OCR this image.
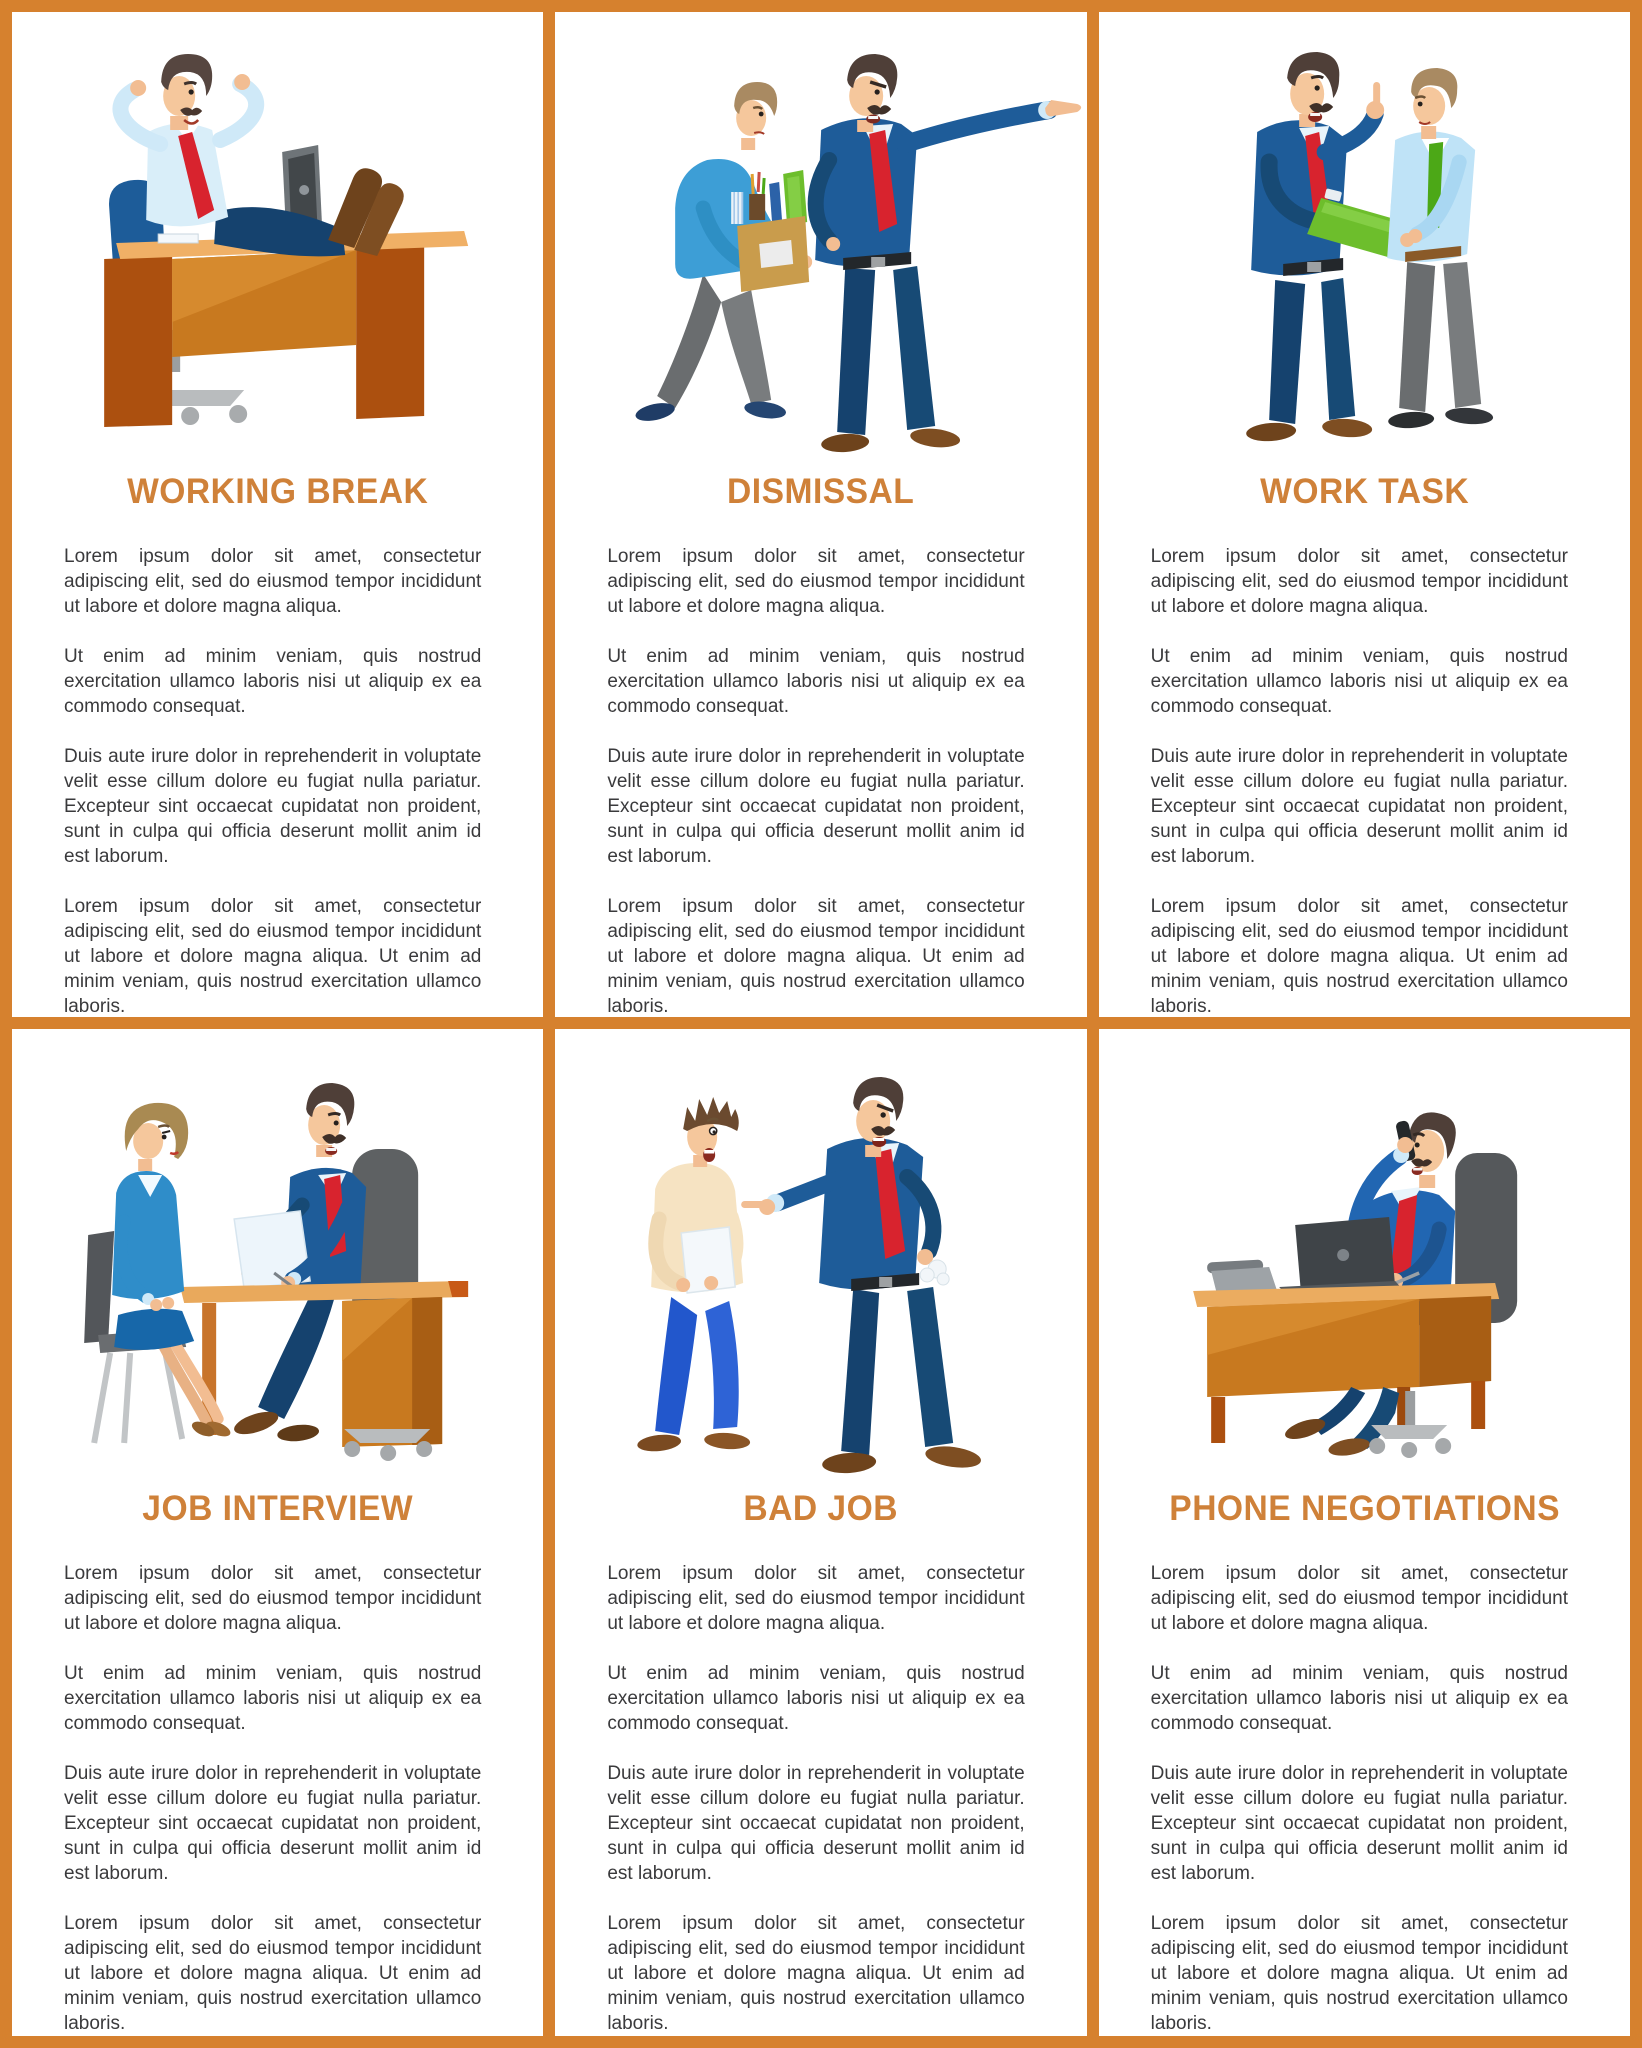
WORKING BREAK

Lorem ipsum dolor sit amet, consectetur adipiscing elit, sed do eiusmod tempor incididunt ut labore et dolore magna aliqua.

Ut enim ad minim veniam, quis nostrud exercitation ullamco laboris nisi ut aliquip ex ea commodo consequat.

Duis aute irure dolor in reprehenderit in voluptate velit esse cillum dolore eu fugiat nulla pariatur. Excepteur sint occaecat cupidatat non proident, sunt in culpa qui officia deserunt mollit anim id est laborum.

Lorem ipsum dolor sit amet, consectetur adipiscing elit, sed do eiusmod tempor incididunt ut labore et dolore magna aliqua. Ut enim ad minim veniam, quis nostrud exercitation ullamco laboris.

DISMISSAL

Lorem ipsum dolor sit amet, consectetur adipiscing elit, sed do eiusmod tempor incididunt ut labore et dolore magna aliqua.

Ut enim ad minim veniam, quis nostrud exercitation ullamco laboris nisi ut aliquip ex ea commodo consequat.

Duis aute irure dolor in reprehenderit in voluptate velit esse cillum dolore eu fugiat nulla pariatur. Excepteur sint occaecat cupidatat non proident, sunt in culpa qui officia deserunt mollit anim id est laborum.

Lorem ipsum dolor sit amet, consectetur adipiscing elit, sed do eiusmod tempor incididunt ut labore et dolore magna aliqua. Ut enim ad minim veniam, quis nostrud exercitation ullamco laboris.

WORK TASK

Lorem ipsum dolor sit amet, consectetur adipiscing elit, sed do eiusmod tempor incididunt ut labore et dolore magna aliqua.

Ut enim ad minim veniam, quis nostrud exercitation ullamco laboris nisi ut aliquip ex ea commodo consequat.

Duis aute irure dolor in reprehenderit in voluptate velit esse cillum dolore eu fugiat nulla pariatur. Excepteur sint occaecat cupidatat non proident, sunt in culpa qui officia deserunt mollit anim id est laborum.

Lorem ipsum dolor sit amet, consectetur adipiscing elit, sed do eiusmod tempor incididunt ut labore et dolore magna aliqua. Ut enim ad minim veniam, quis nostrud exercitation ullamco laboris.

JOB INTERVIEW

Lorem ipsum dolor sit amet, consectetur adipiscing elit, sed do eiusmod tempor incididunt ut labore et dolore magna aliqua.

Ut enim ad minim veniam, quis nostrud exercitation ullamco laboris nisi ut aliquip ex ea commodo consequat.

Duis aute irure dolor in reprehenderit in voluptate velit esse cillum dolore eu fugiat nulla pariatur. Excepteur sint occaecat cupidatat non proident, sunt in culpa qui officia deserunt mollit anim id est laborum.

Lorem ipsum dolor sit amet, consectetur adipiscing elit, sed do eiusmod tempor incididunt ut labore et dolore magna aliqua. Ut enim ad minim veniam, quis nostrud exercitation ullamco laboris.

BAD JOB

Lorem ipsum dolor sit amet, consectetur adipiscing elit, sed do eiusmod tempor incididunt ut labore et dolore magna aliqua.

Ut enim ad minim veniam, quis nostrud exercitation ullamco laboris nisi ut aliquip ex ea commodo consequat.

Duis aute irure dolor in reprehenderit in voluptate velit esse cillum dolore eu fugiat nulla pariatur. Excepteur sint occaecat cupidatat non proident, sunt in culpa qui officia deserunt mollit anim id est laborum.

Lorem ipsum dolor sit amet, consectetur adipiscing elit, sed do eiusmod tempor incididunt ut labore et dolore magna aliqua. Ut enim ad minim veniam, quis nostrud exercitation ullamco laboris.

PHONE NEGOTIATIONS

Lorem ipsum dolor sit amet, consectetur adipiscing elit, sed do eiusmod tempor incididunt ut labore et dolore magna aliqua.

Ut enim ad minim veniam, quis nostrud exercitation ullamco laboris nisi ut aliquip ex ea commodo consequat.

Duis aute irure dolor in reprehenderit in voluptate velit esse cillum dolore eu fugiat nulla pariatur. Excepteur sint occaecat cupidatat non proident, sunt in culpa qui officia deserunt mollit anim id est laborum.

Lorem ipsum dolor sit amet, consectetur adipiscing elit, sed do eiusmod tempor incididunt ut labore et dolore magna aliqua. Ut enim ad minim veniam, quis nostrud exercitation ullamco laboris.
